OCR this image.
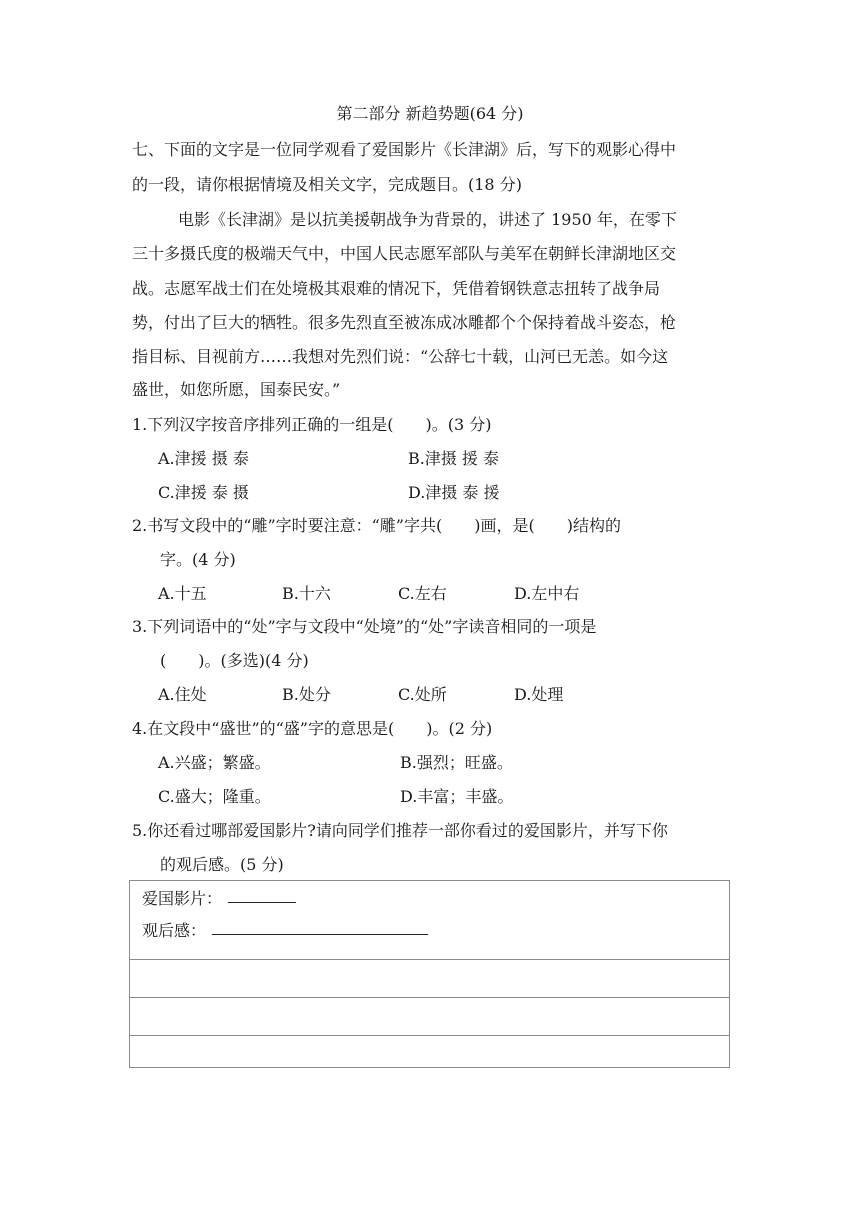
第二部分 新趋势题(64 分)
七、下面的文字是一位同学观看了爱国影片《长津湖》后，写下的观影心得中
的一段，请你根据情境及相关文字，完成题目。(18 分)
电影《长津湖》是以抗美援朝战争为背景的，讲述了 1950 年，在零下
三十多摄氏度的极端天气中，中国人民志愿军部队与美军在朝鲜长津湖地区交
战。志愿军战士们在处境极其艰难的情况下，凭借着钢铁意志扭转了战争局
势，付出了巨大的牺牲。很多先烈直至被冻成冰雕都个个保持着战斗姿态，枪
指目标、目视前方……我想对先烈们说：“公辞七十载，山河已无恙。如今这
盛世，如您所愿，国泰民安。”
1.下列汉字按音序排列正确的一组是(　　)。(3 分)
A.津援 摄 泰	B.津摄 援 泰
C.津援 泰 摄	D.津摄 泰 援
2.书写文段中的“雕”字时要注意：“雕”字共(　　)画，是(　　)结构的
字。(4 分)
A.十五	B.十六	C.左右	D.左中右
3.下列词语中的“处”字与文段中“处境”的“处”字读音相同的一项是
(　　)。(多选)(4 分)
A.住处	B.处分	C.处所	D.处理
4.在文段中“盛世”的“盛”字的意思是(　　)。(2 分)
A.兴盛；繁盛。	B.强烈；旺盛。
C.盛大；隆重。	D.丰富；丰盛。
5.你还看过哪部爱国影片?请向同学们推荐一部你看过的爱国影片，并写下你
的观后感。(5 分)
爱国影片：
观后感：
